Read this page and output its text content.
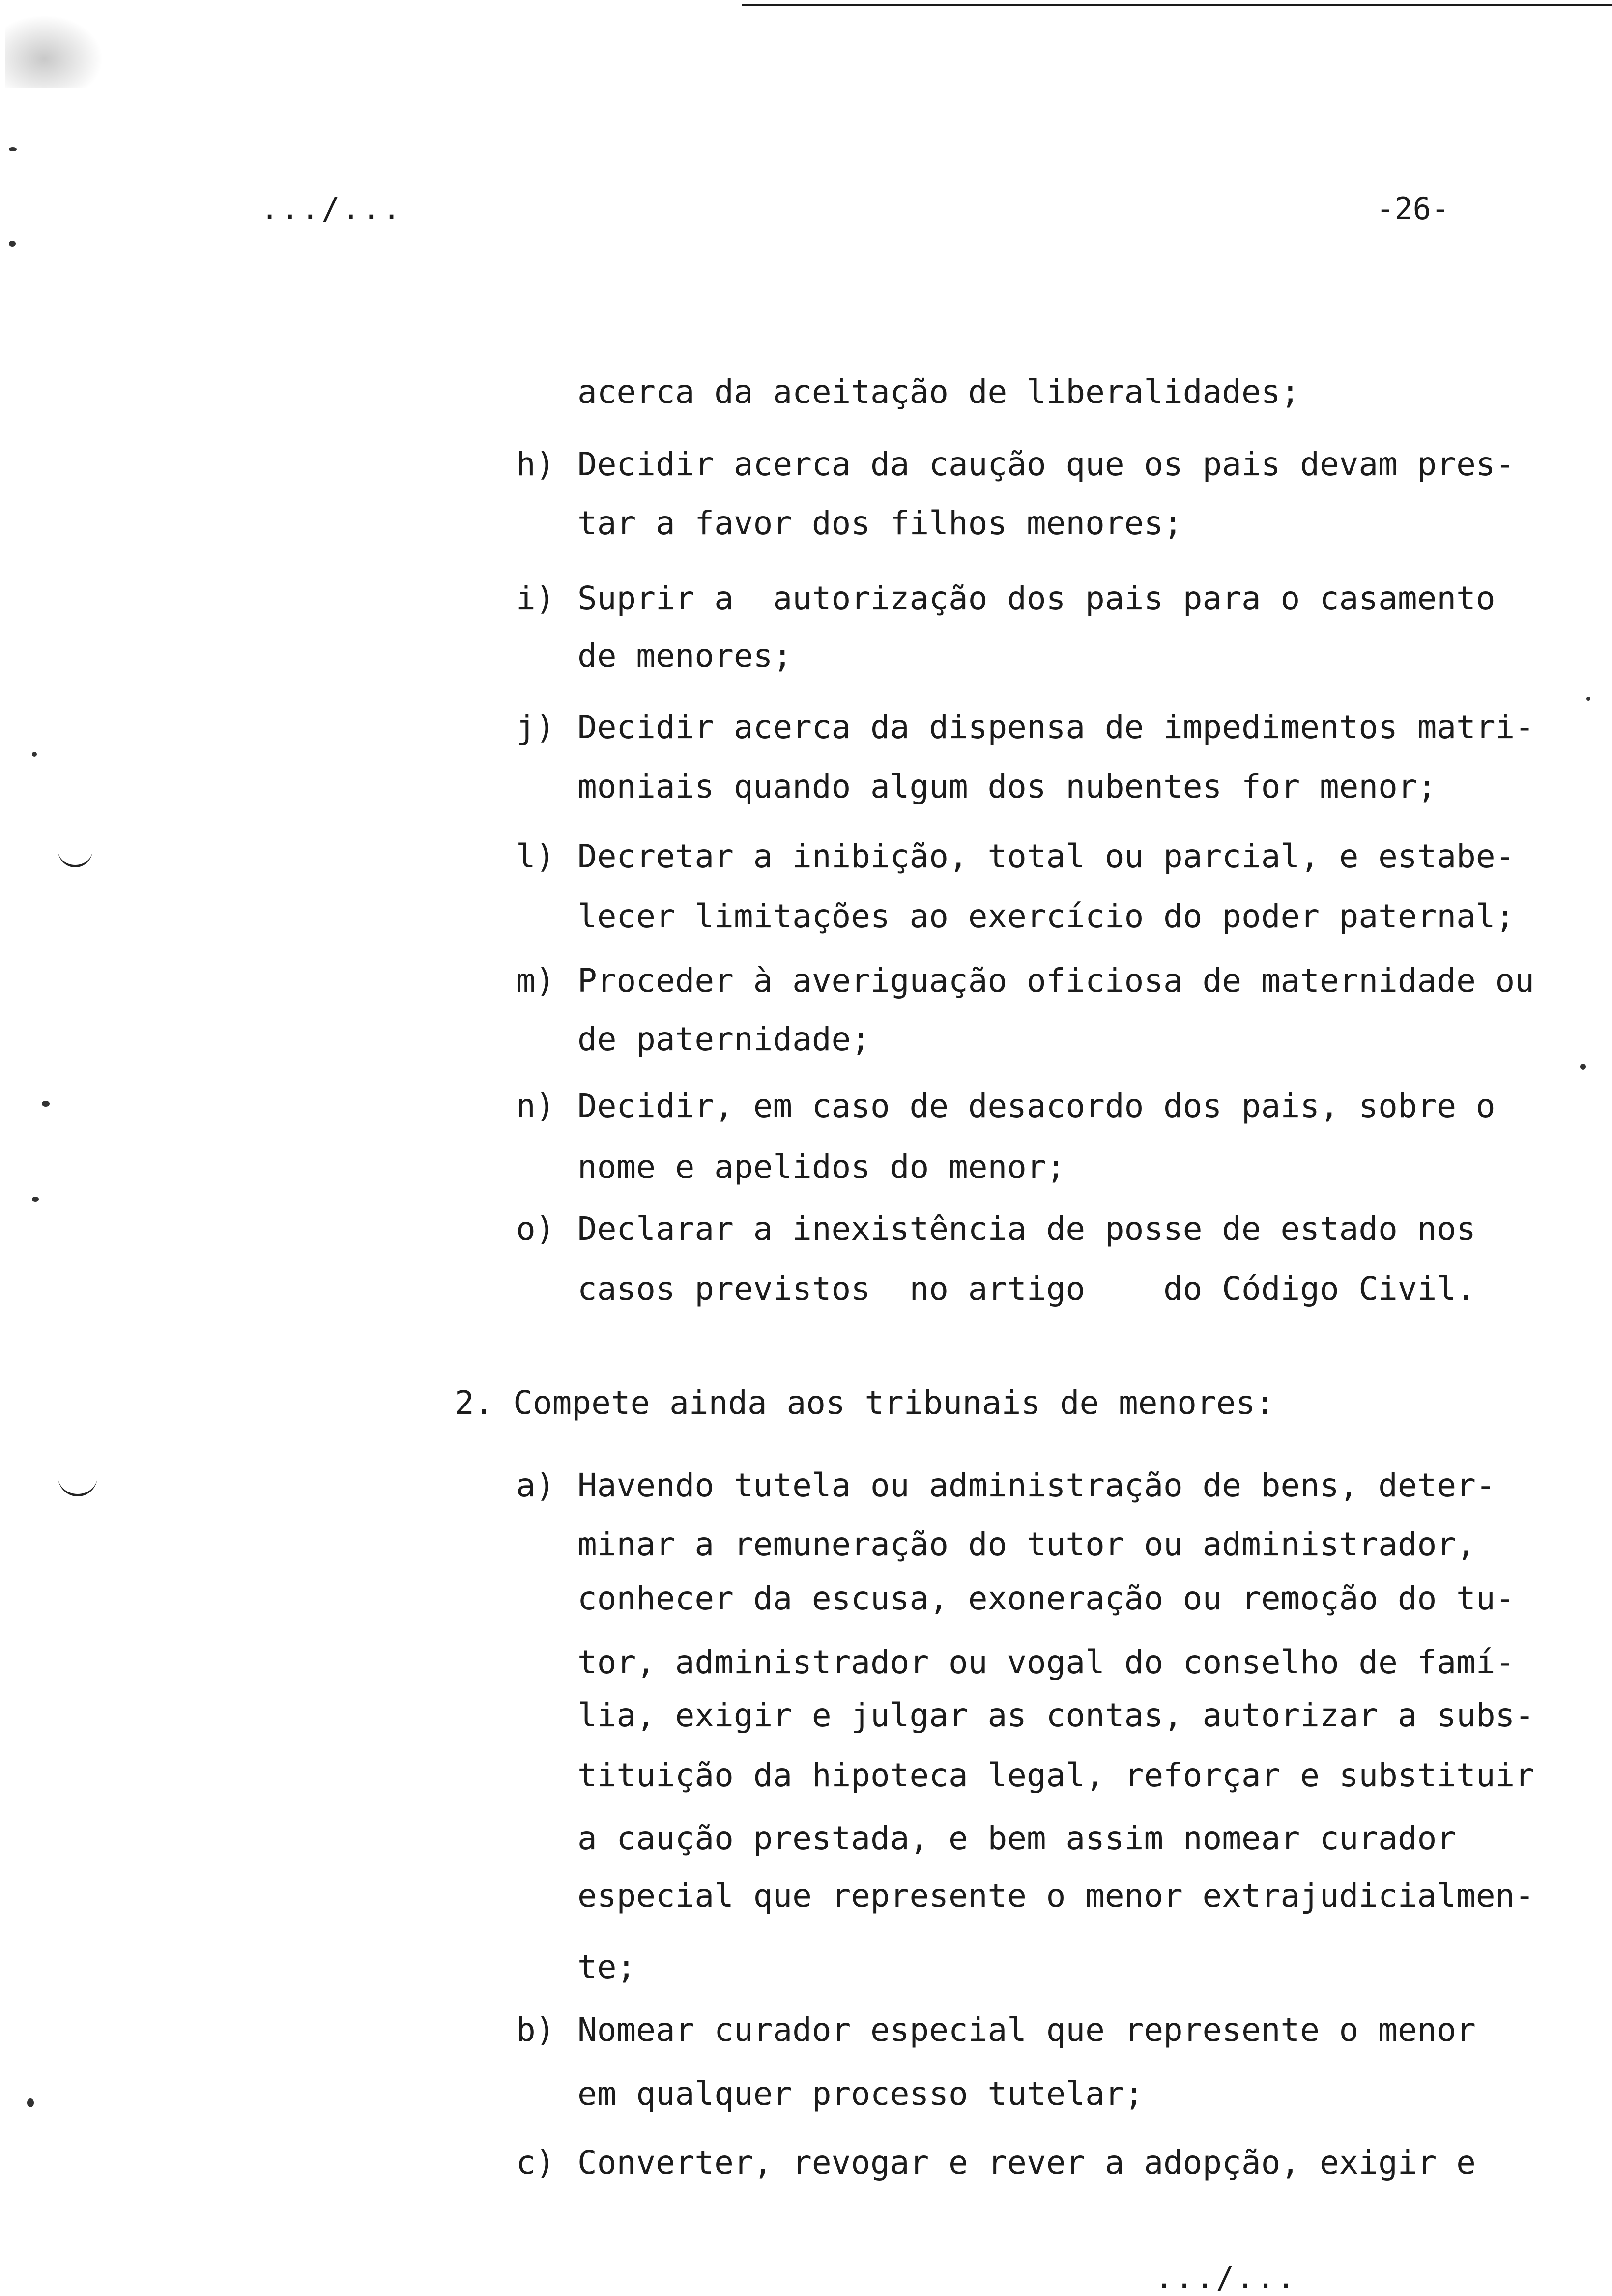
.../...	-26-
acerca da aceitação de liberalidades;
h) Decidir acerca da caução que os pais devam pres-
tar a favor dos filhos menores;
i) Suprir a  autorização dos pais para o casamento
de menores;
j) Decidir acerca da dispensa de impedimentos matri-
moniais quando algum dos nubentes for menor;
l) Decretar a inibição, total ou parcial, e estabe-
lecer limitações ao exercício do poder paternal;
m) Proceder à averiguação oficiosa de maternidade ou
de paternidade;
n) Decidir, em caso de desacordo dos pais, sobre o
nome e apelidos do menor;
o) Declarar a inexistência de posse de estado nos
casos previstos  no artigo    do Código Civil.
2. Compete ainda aos tribunais de menores:
a) Havendo tutela ou administração de bens, deter-
minar a remuneração do tutor ou administrador,
conhecer da escusa, exoneração ou remoção do tu-
tor, administrador ou vogal do conselho de famí-
lia, exigir e julgar as contas, autorizar a subs-
tituição da hipoteca legal, reforçar e substituir
a caução prestada, e bem assim nomear curador
especial que represente o menor extrajudicialmen-
te;
b) Nomear curador especial que represente o menor
em qualquer processo tutelar;
c) Converter, revogar e rever a adopção, exigir e
.../...
